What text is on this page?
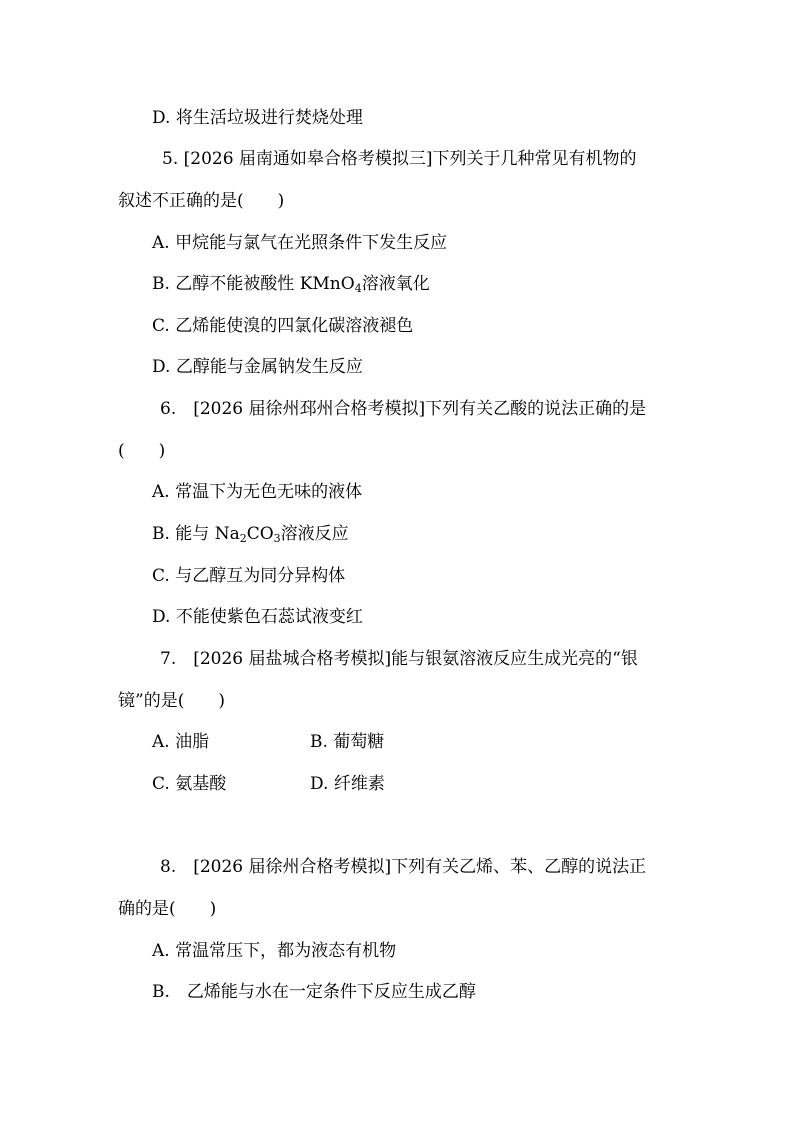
D. 将生活垃圾进行焚烧处理
5. [2026 届南通如皋合格考模拟三]下列关于几种常见有机物的
叙述不正确的是(　　)
A. 甲烷能与氯气在光照条件下发生反应
B. 乙醇不能被酸性 KMnO$_4$溶液氧化
C. 乙烯能使溴的四氯化碳溶液褪色
D. 乙醇能与金属钠发生反应
6.　[2026 届徐州邳州合格考模拟]下列有关乙酸的说法正确的是
(　　)
A. 常温下为无色无味的液体
B. 能与 $Na_2CO_3$溶液反应
C. 与乙醇互为同分异构体
D. 不能使紫色石蕊试液变红
7.　[2026 届盐城合格考模拟]能与银氨溶液反应生成光亮的“银
镜”的是(　　)
A. 油脂	B. 葡萄糖
C. 氨基酸	D. 纤维素
8.　[2026 届徐州合格考模拟]下列有关乙烯、苯、乙醇的说法正
确的是(　　)
A. 常温常压下，都为液态有机物
B.　乙烯能与水在一定条件下反应生成乙醇
